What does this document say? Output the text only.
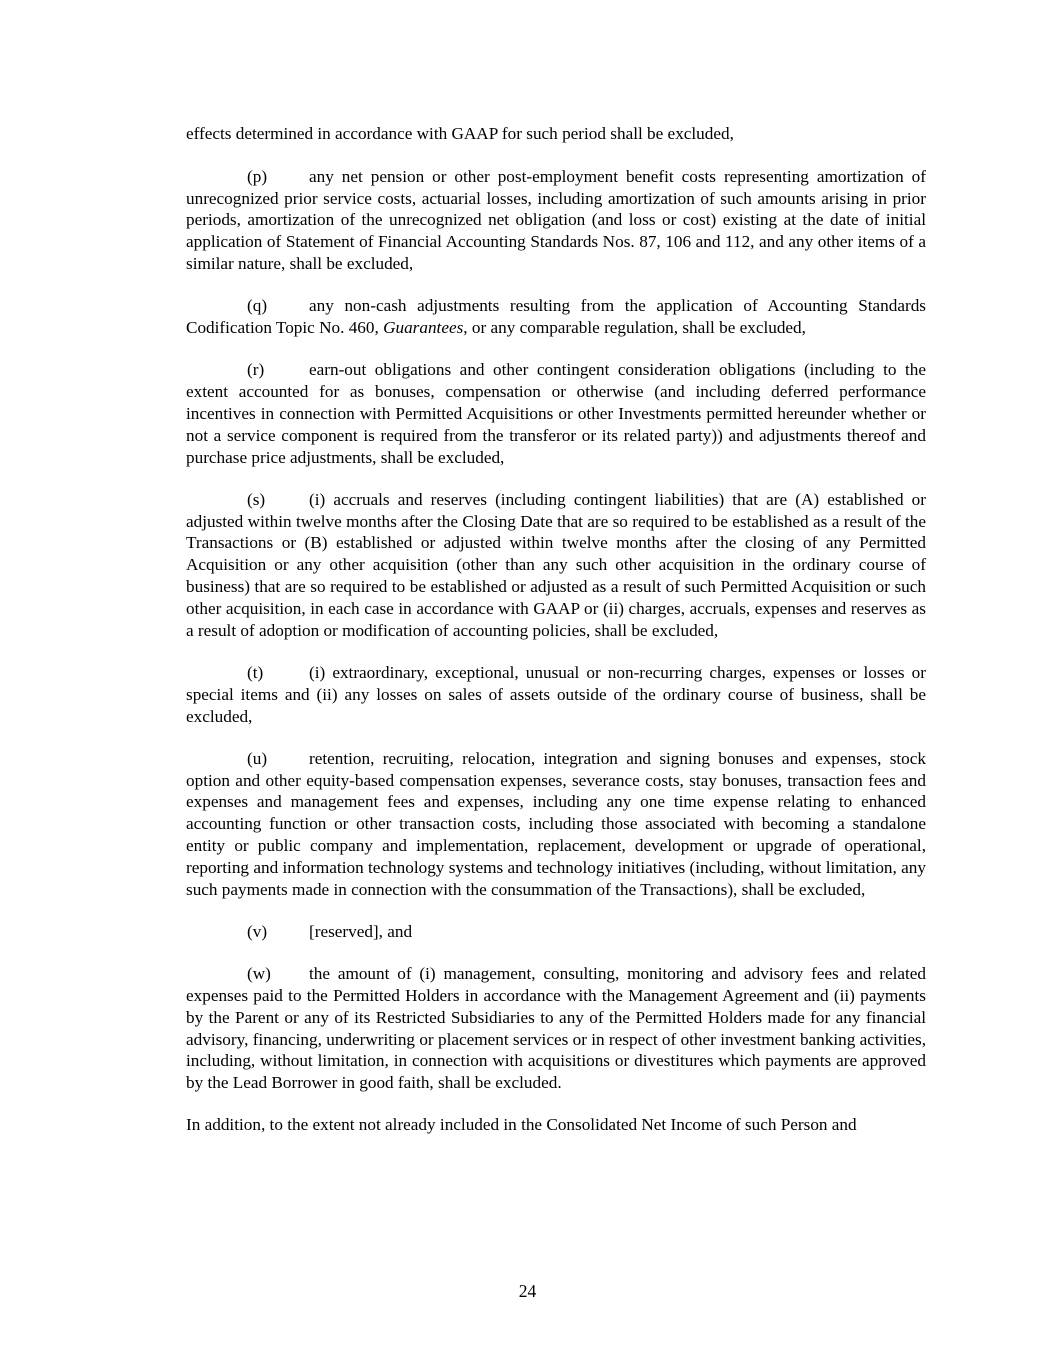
effects determined in accordance with GAAP for such period shall be excluded,

(p) any net pension or other post-employment benefit costs representing amortization of unrecognized prior service costs, actuarial losses, including amortization of such amounts arising in prior periods, amortization of the unrecognized net obligation (and loss or cost) existing at the date of initial application of Statement of Financial Accounting Standards Nos. 87, 106 and 112, and any other items of a similar nature, shall be excluded,

(q) any non-cash adjustments resulting from the application of Accounting Standards Codification Topic No. 460, Guarantees, or any comparable regulation, shall be excluded,

(r)	earn-out obligations and other contingent consideration obligations (including to the extent accounted for as bonuses, compensation or otherwise (and including deferred performance incentives in connection with Permitted Acquisitions or other Investments permitted hereunder whether or not a service component is required from the transferor or its related party)) and adjustments thereof and purchase price adjustments, shall be excluded,

(s)	(i) accruals and reserves (including contingent liabilities) that are (A) established or adjusted within twelve months after the Closing Date that are so required to be established as a result of the Transactions or (B) established or adjusted within twelve months after the closing of any Permitted Acquisition or any other acquisition (other than any such other acquisition in the ordinary course of business) that are so required to be established or adjusted as a result of such Permitted Acquisition or such other acquisition, in each case in accordance with GAAP or (ii) charges, accruals, expenses and reserves as a result of adoption or modification of accounting policies, shall be excluded,

(t)	(i) extraordinary, exceptional, unusual or non-recurring charges, expenses or losses or special items and (ii) any losses on sales of assets outside of the ordinary course of business, shall be excluded,

(u) retention, recruiting, relocation, integration and signing bonuses and expenses, stock option and other equity-based compensation expenses, severance costs, stay bonuses, transaction fees and expenses and management fees and expenses, including any one time expense relating to enhanced accounting function or other transaction costs, including those associated with becoming a standalone entity or public company and implementation, replacement, development or upgrade of operational, reporting and information technology systems and technology initiatives (including, without limitation, any such payments made in connection with the consummation of the Transactions), shall be excluded,

(v) [reserved], and

(w) the amount of (i) management, consulting, monitoring and advisory fees and related expenses paid to the Permitted Holders in accordance with the Management Agreement and (ii) payments by the Parent or any of its Restricted Subsidiaries to any of the Permitted Holders made for any financial advisory, financing, underwriting or placement services or in respect of other investment banking activities, including, without limitation, in connection with acquisitions or divestitures which payments are approved by the Lead Borrower in good faith, shall be excluded.

In addition, to the extent not already included in the Consolidated Net Income of such Person and

24
